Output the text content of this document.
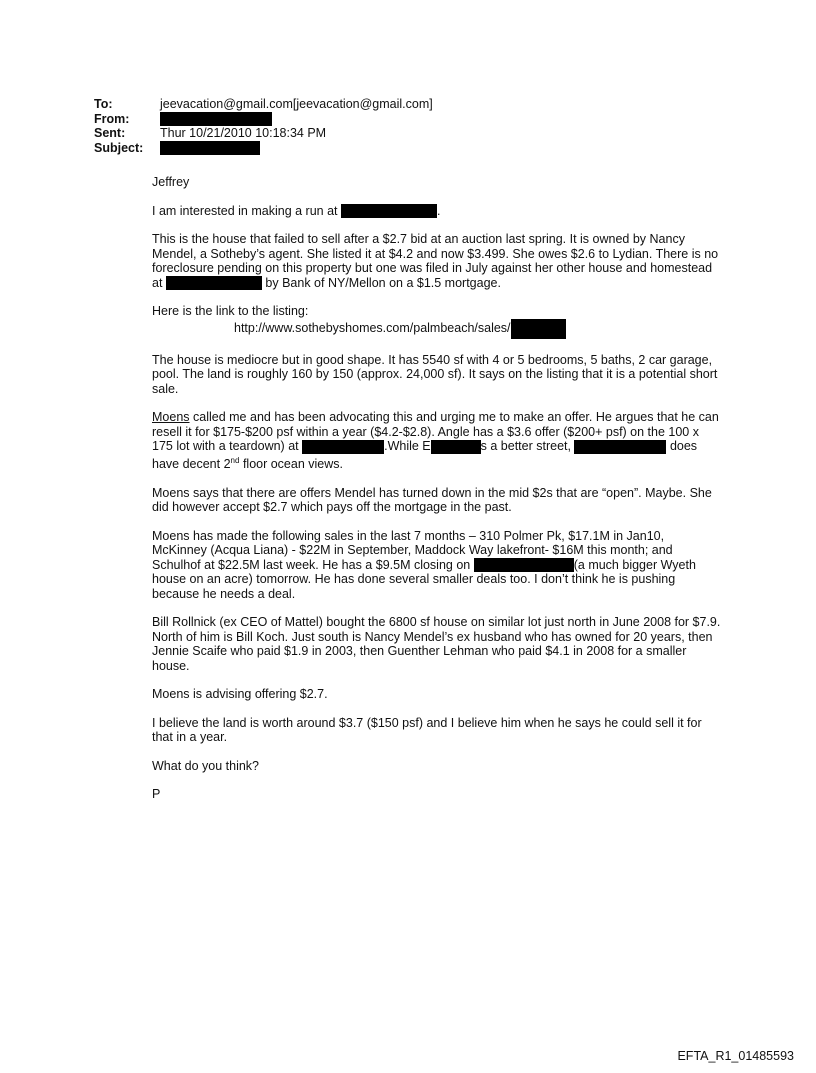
To:	jeevacation@gmail.com[jeevacation@gmail.com]
From:
Sent:	Thur 10/21/2010 10:18:34 PM
Subject:

Jeffrey

I am interested in making a run at	.

This is the house that failed to sell after a $2.7 bid at an auction last spring. It is owned by Nancy Mendel, a Sotheby’s agent. She listed it at $4.2 and now $3.499. She owes $2.6 to Lydian. There is no foreclosure pending on this property but one was filed in July against her other house and homestead at	by Bank of NY/Mellon on a $1.5 mortgage.

Here is the link to the listing:
http://www.sothebyshomes.com/palmbeach/sales/

The house is mediocre but in good shape. It has 5540 sf with 4 or 5 bedrooms, 5 baths, 2 car garage, pool. The land is roughly 160 by 150 (approx. 24,000 sf). It says on the listing that it is a potential short sale.

Moens called me and has been advocating this and urging me to make an offer. He argues that he can resell it for $175-$200 psf within a year ($4.2-$2.8). Angle has a $3.6 offer ($200+ psf) on the 100 x 175 lot with a teardown) at	.While E	s a better street,	does have decent 2nd floor ocean views.

Moens says that there are offers Mendel has turned down in the mid $2s that are “open”. Maybe. She did however accept $2.7 which pays off the mortgage in the past.

Moens has made the following sales in the last 7 months – 310 Polmer Pk, $17.1M in Jan10, McKinney (Acqua Liana) - $22M in September, Maddock Way lakefront- $16M this month; and Schulhof at $22.5M last week. He has a $9.5M closing on	(a much bigger Wyeth house on an acre) tomorrow. He has done several smaller deals too. I don’t think he is pushing because he needs a deal.

Bill Rollnick (ex CEO of Mattel) bought the 6800 sf house on similar lot just north in June 2008 for $7.9. North of him is Bill Koch. Just south is Nancy Mendel’s ex husband who has owned for 20 years, then Jennie Scaife who paid $1.9 in 2003, then Guenther Lehman who paid $4.1 in 2008 for a smaller house.

Moens is advising offering $2.7.

I believe the land is worth around $3.7 ($150 psf) and I believe him when he says he could sell it for that in a year.

What do you think?

P

EFTA_R1_01485593
